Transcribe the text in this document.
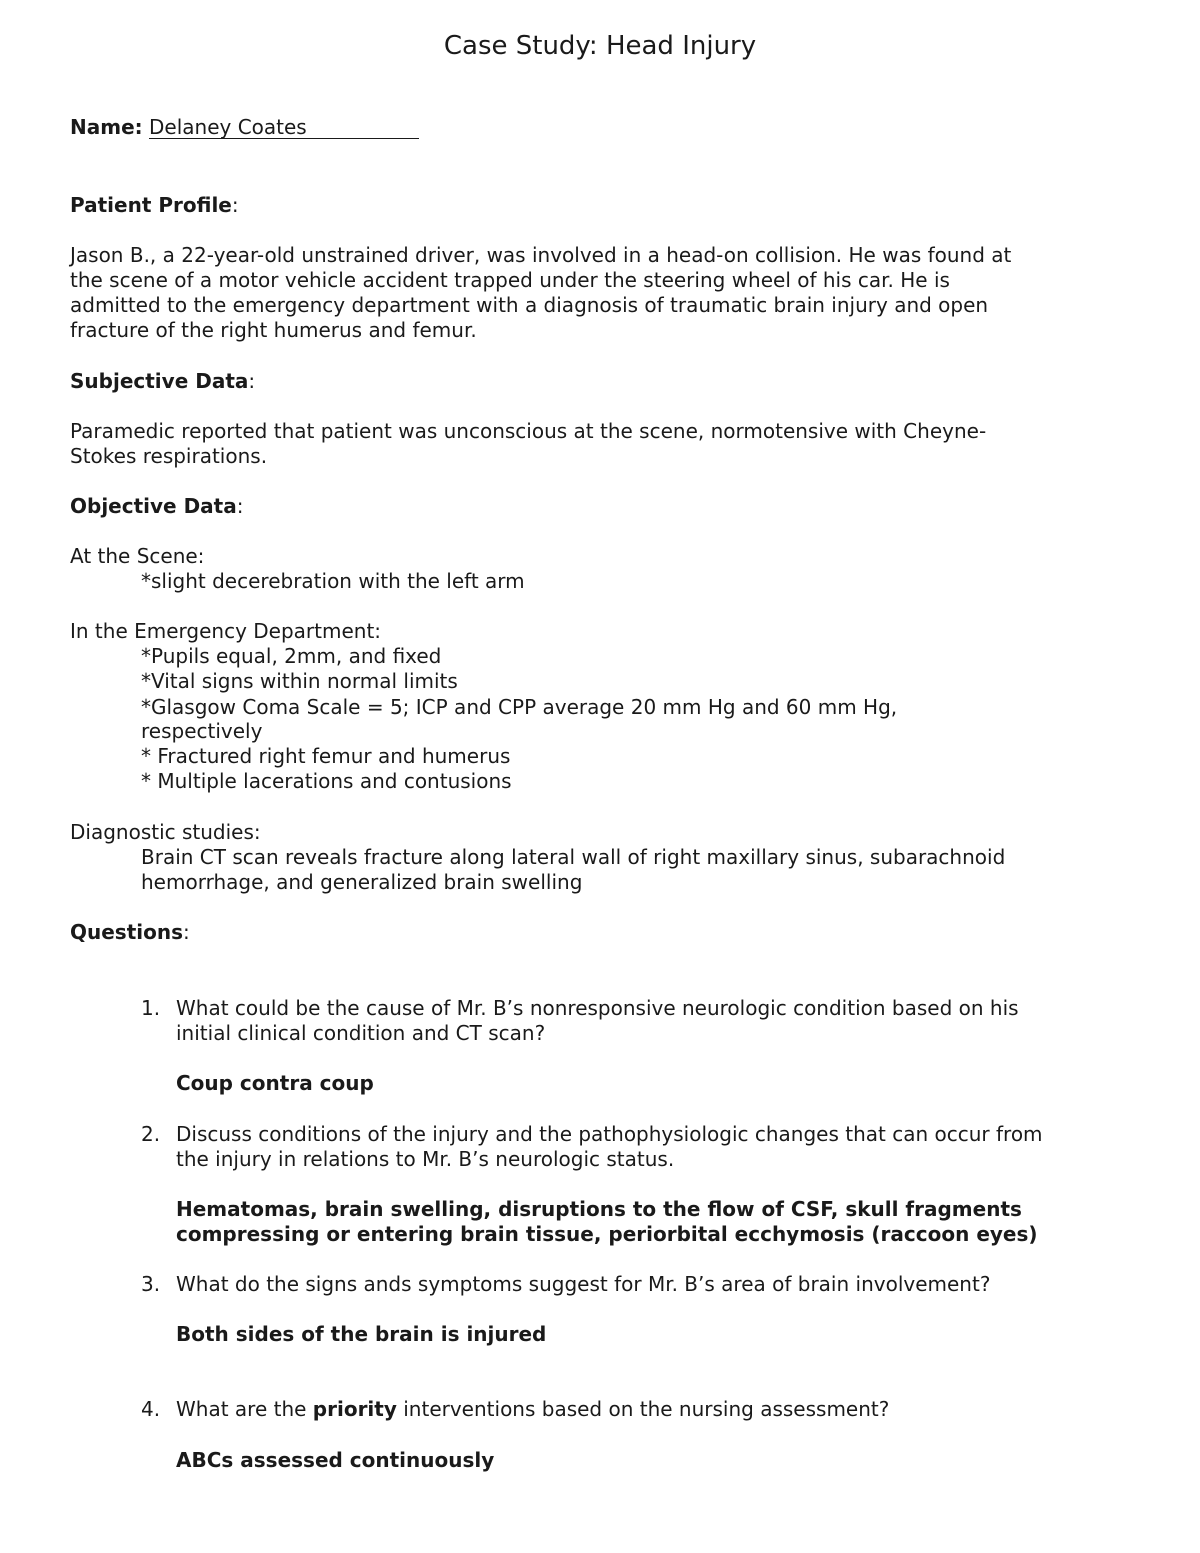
Case Study: Head Injury

Name: Delaney Coates

Patient Profile:

Jason B., a 22-year-old unstrained driver, was involved in a head-on collision. He was found at

the scene of a motor vehicle accident trapped under the steering wheel of his car. He is

admitted to the emergency department with a diagnosis of traumatic brain injury and open

fracture of the right humerus and femur.

Subjective Data:

Paramedic reported that patient was unconscious at the scene, normotensive with Cheyne-

Stokes respirations.

Objective Data:

At the Scene:

*slight decerebration with the left arm

In the Emergency Department:

*Pupils equal, 2mm, and fixed

*Vital signs within normal limits

*Glasgow Coma Scale = 5; ICP and CPP average 20 mm Hg and 60 mm Hg,

respectively

* Fractured right femur and humerus

* Multiple lacerations and contusions

Diagnostic studies:

Brain CT scan reveals fracture along lateral wall of right maxillary sinus, subarachnoid

hemorrhage, and generalized brain swelling

Questions:

1. What could be the cause of Mr. B’s nonresponsive neurologic condition based on his

initial clinical condition and CT scan?

Coup contra coup

2. Discuss conditions of the injury and the pathophysiologic changes that can occur from

the injury in relations to Mr. B’s neurologic status.

Hematomas, brain swelling, disruptions to the flow of CSF, skull fragments

compressing or entering brain tissue, periorbital ecchymosis (raccoon eyes)

3. What do the signs ands symptoms suggest for Mr. B’s area of brain involvement?

Both sides of the brain is injured

4. What are the priority interventions based on the nursing assessment?

ABCs assessed continuously
